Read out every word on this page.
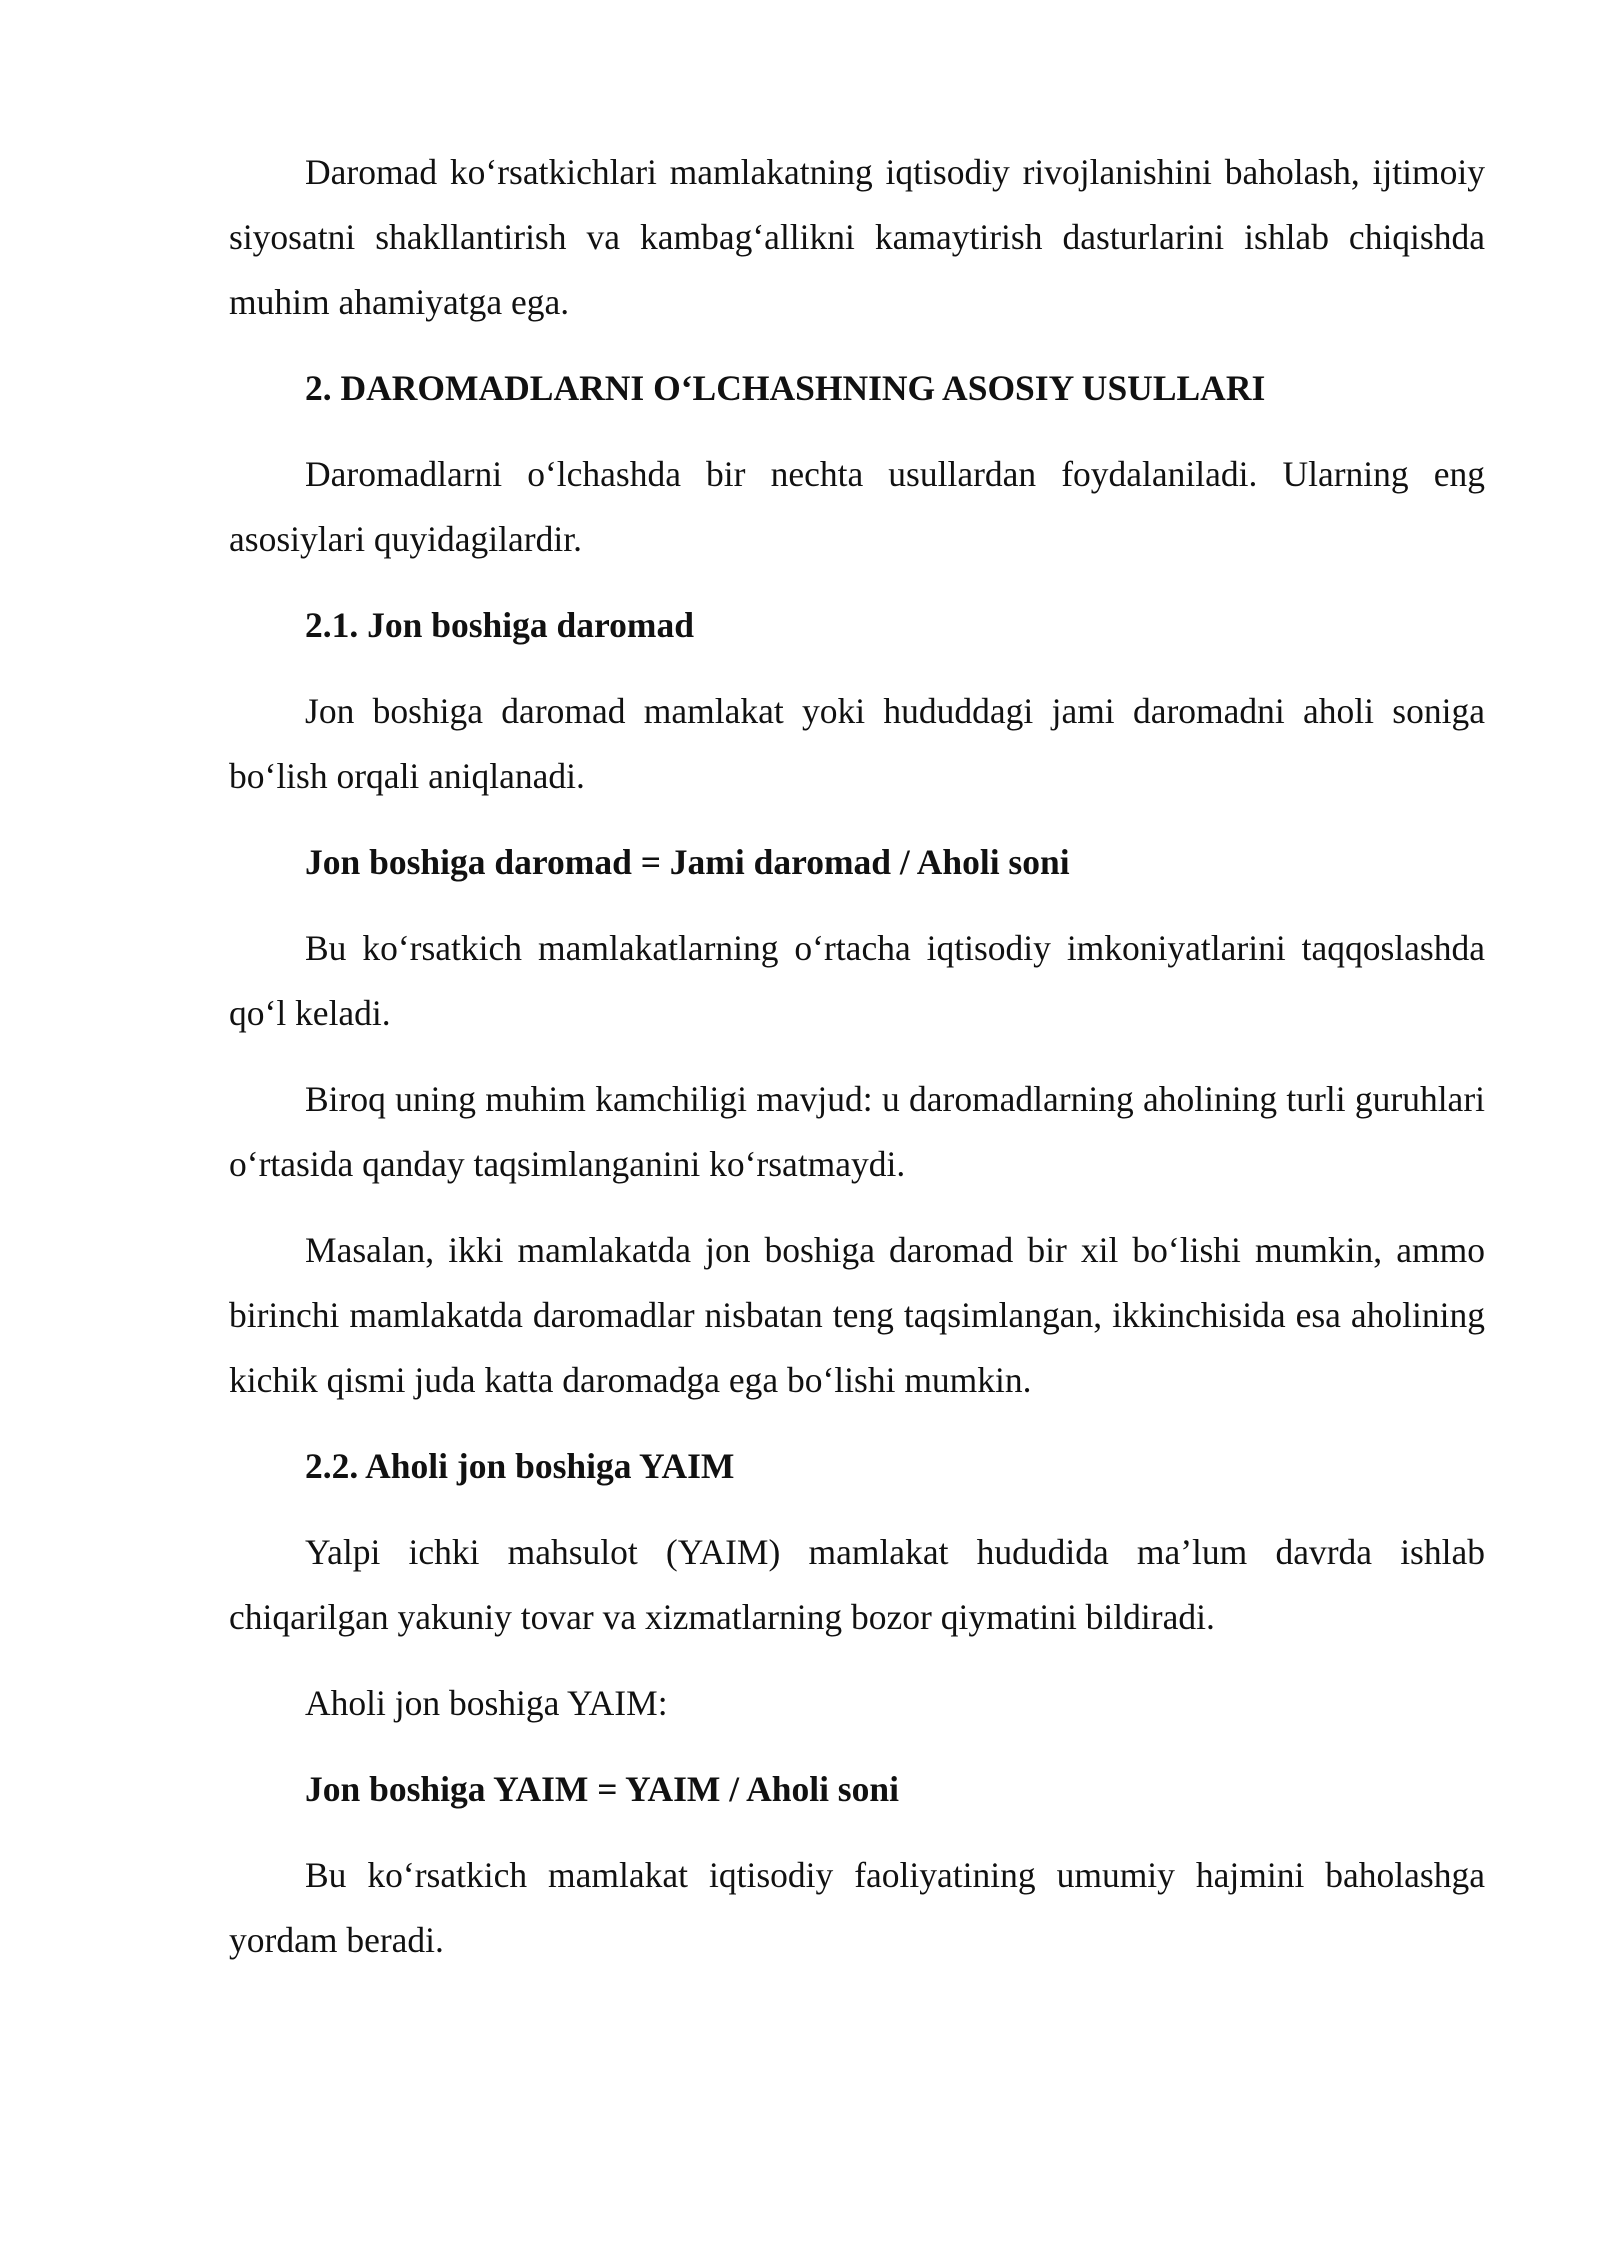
Daromad ko‘rsatkichlari mamlakatning iqtisodiy rivojlanishini baholash, ijtimoiy siyosatni shakllantirish va kambag‘allikni kamaytirish dasturlarini ishlab chiqishda muhim ahamiyatga ega.

2. DAROMADLARNI O‘LCHASHNING ASOSIY USULLARI

Daromadlarni o‘lchashda bir nechta usullardan foydalaniladi. Ularning eng asosiylari quyidagilardir.

2.1. Jon boshiga daromad

Jon boshiga daromad mamlakat yoki hududdagi jami daromadni aholi soniga bo‘lish orqali aniqlanadi.

Jon boshiga daromad = Jami daromad / Aholi soni

Bu ko‘rsatkich mamlakatlarning o‘rtacha iqtisodiy imkoniyatlarini taqqoslashda qo‘l keladi.

Biroq uning muhim kamchiligi mavjud: u daromadlarning aholining turli guruhlari o‘rtasida qanday taqsimlanganini ko‘rsatmaydi.

Masalan, ikki mamlakatda jon boshiga daromad bir xil bo‘lishi mumkin, ammo birinchi mamlakatda daromadlar nisbatan teng taqsimlangan, ikkinchisida esa aholining kichik qismi juda katta daromadga ega bo‘lishi mumkin.

2.2. Aholi jon boshiga YAIM

Yalpi ichki mahsulot (YAIM) mamlakat hududida ma’lum davrda ishlab chiqarilgan yakuniy tovar va xizmatlarning bozor qiymatini bildiradi.

Aholi jon boshiga YAIM:

Jon boshiga YAIM = YAIM / Aholi soni

Bu ko‘rsatkich mamlakat iqtisodiy faoliyatining umumiy hajmini baholashga yordam beradi.
